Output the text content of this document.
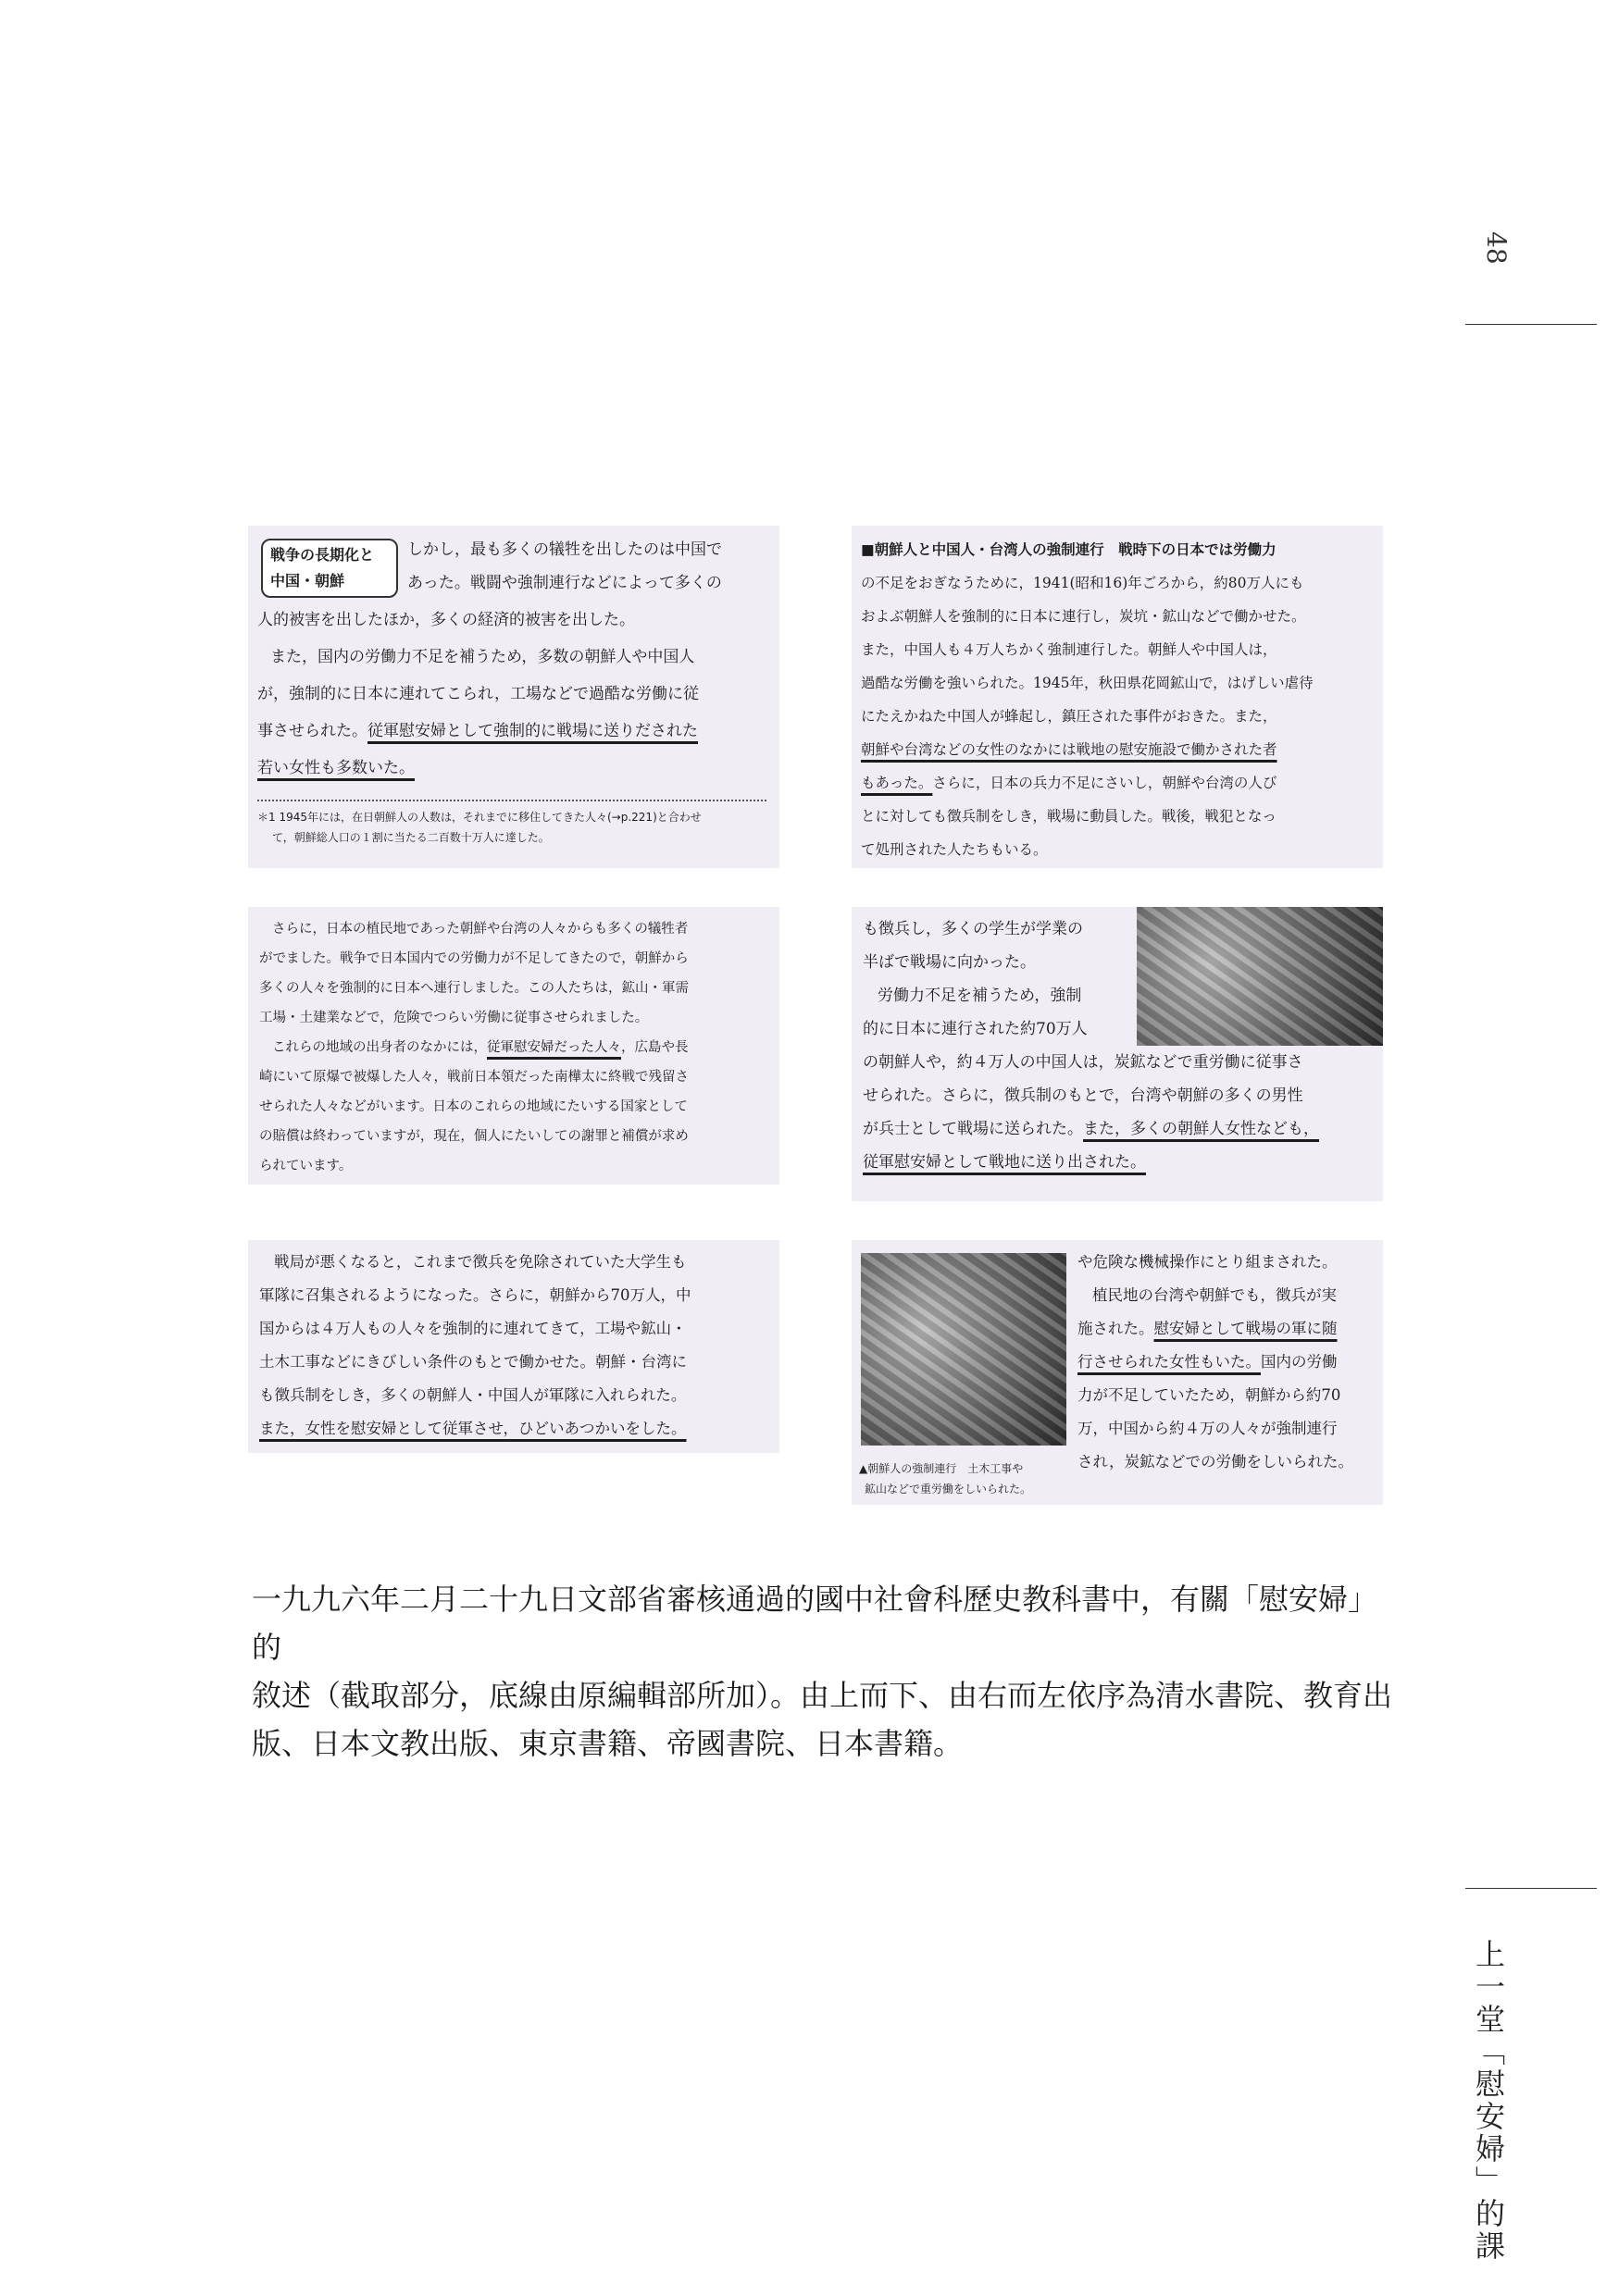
48
上一堂「慰安婦」的課
戦争の長期化と
中国・朝鮮

しかし，最も多くの犠牲を出したのは中国で

あった。戦闘や強制連行などによって多くの

人的被害を出したほか，多くの経済的被害を出した。

また，国内の労働力不足を補うため，多数の朝鮮人や中国人

が，強制的に日本に連れてこられ，工場などで過酷な労働に従

事させられた。従軍慰安婦として強制的に戦場に送りだされた

若い女性も多数いた。

＊1 1945年には，在日朝鮮人の人数は，それまでに移住してきた人々(→p.221)と合わせ

て，朝鮮総人口の１割に当たる二百数十万人に達した。

■朝鮮人と中国人・台湾人の強制連行　戦時下の日本では労働力

の不足をおぎなうために，1941(昭和16)年ごろから，約80万人にも

およぶ朝鮮人を強制的に日本に連行し，炭坑・鉱山などで働かせた。

また，中国人も４万人ちかく強制連行した。朝鮮人や中国人は，

過酷な労働を強いられた。1945年，秋田県花岡鉱山で，はげしい虐待

にたえかねた中国人が蜂起し，鎮圧された事件がおきた。また，

朝鮮や台湾などの女性のなかには戦地の慰安施設で働かされた者

もあった。さらに，日本の兵力不足にさいし，朝鮮や台湾の人び

とに対しても徴兵制をしき，戦場に動員した。戦後，戦犯となっ

て処刑された人たちもいる。

さらに，日本の植民地であった朝鮮や台湾の人々からも多くの犠牲者

がでました。戦争で日本国内での労働力が不足してきたので，朝鮮から

多くの人々を強制的に日本へ連行しました。この人たちは，鉱山・軍需

工場・土建業などで，危険でつらい労働に従事させられました。

これらの地域の出身者のなかには，従軍慰安婦だった人々，広島や長

崎にいて原爆で被爆した人々，戦前日本領だった南樺太に終戦で残留さ

せられた人々などがいます。日本のこれらの地域にたいする国家として

の賠償は終わっていますが，現在，個人にたいしての謝罪と補償が求め

られています。

も徴兵し，多くの学生が学業の

半ばで戦場に向かった。

労働力不足を補うため，強制

的に日本に連行された約70万人

の朝鮮人や，約４万人の中国人は，炭鉱などで重労働に従事さ

せられた。さらに，徴兵制のもとで，台湾や朝鮮の多くの男性

が兵士として戦場に送られた。また，多くの朝鮮人女性なども，

従軍慰安婦として戦地に送り出された。

戦局が悪くなると，これまで徴兵を免除されていた大学生も

軍隊に召集されるようになった。さらに，朝鮮から70万人，中

国からは４万人もの人々を強制的に連れてきて，工場や鉱山・

土木工事などにきびしい条件のもとで働かせた。朝鮮・台湾に

も徴兵制をしき，多くの朝鮮人・中国人が軍隊に入れられた。

また，女性を慰安婦として従軍させ，ひどいあつかいをした。

▲朝鮮人の強制連行　土木工事や

鉱山などで重労働をしいられた。

や危険な機械操作にとり組まされた。

植民地の台湾や朝鮮でも，徴兵が実

施された。慰安婦として戦場の軍に随

行させられた女性もいた。国内の労働

力が不足していたため，朝鮮から約70

万，中国から約４万の人々が強制連行

され，炭鉱などでの労働をしいられた。

一九九六年二月二十九日文部省審核通過的國中社會科歷史教科書中，有關「慰安婦」的
敘述（截取部分，底線由原編輯部所加）。由上而下、由右而左依序為清水書院、教育出
版、日本文教出版、東京書籍、帝國書院、日本書籍。
